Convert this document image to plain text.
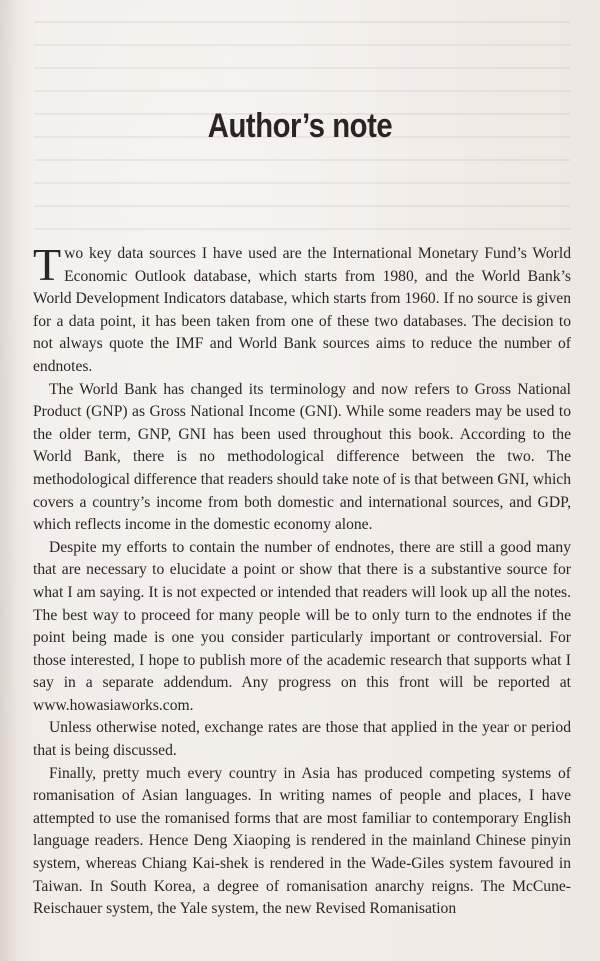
Author’s note

Two key data sources I have used are the International Monetary Fund’s World Economic Outlook database, which starts from 1980, and the World Bank’s World Development Indicators database, which starts from 1960. If no source is given for a data point, it has been taken from one of these two databases. The decision to not always quote the IMF and World Bank sources aims to reduce the number of endnotes.

The World Bank has changed its terminology and now refers to Gross National Product (GNP) as Gross National Income (GNI). While some readers may be used to the older term, GNP, GNI has been used throughout this book. According to the World Bank, there is no methodological difference between the two. The methodological difference that readers should take note of is that between GNI, which covers a country’s income from both domestic and international sources, and GDP, which reflects income in the domestic economy alone.

Despite my efforts to contain the number of endnotes, there are still a good many that are necessary to elucidate a point or show that there is a substantive source for what I am saying. It is not expected or intended that readers will look up all the notes. The best way to proceed for many people will be to only turn to the endnotes if the point being made is one you consider particularly important or controversial. For those interested, I hope to publish more of the academic research that supports what I say in a separate addendum. Any progress on this front will be reported at www.howasiaworks.com.

Unless otherwise noted, exchange rates are those that applied in the year or period that is being discussed.

Finally, pretty much every country in Asia has produced competing systems of romanisation of Asian languages. In writing names of people and places, I have attempted to use the romanised forms that are most familiar to contemporary English language readers. Hence Deng Xiaoping is rendered in the mainland Chinese pinyin system, whereas Chiang Kai-shek is rendered in the Wade-Giles system favoured in Taiwan. In South Korea, a degree of romanisation anarchy reigns. The McCune-Reischauer system, the Yale system, the new Revised Romanisation
